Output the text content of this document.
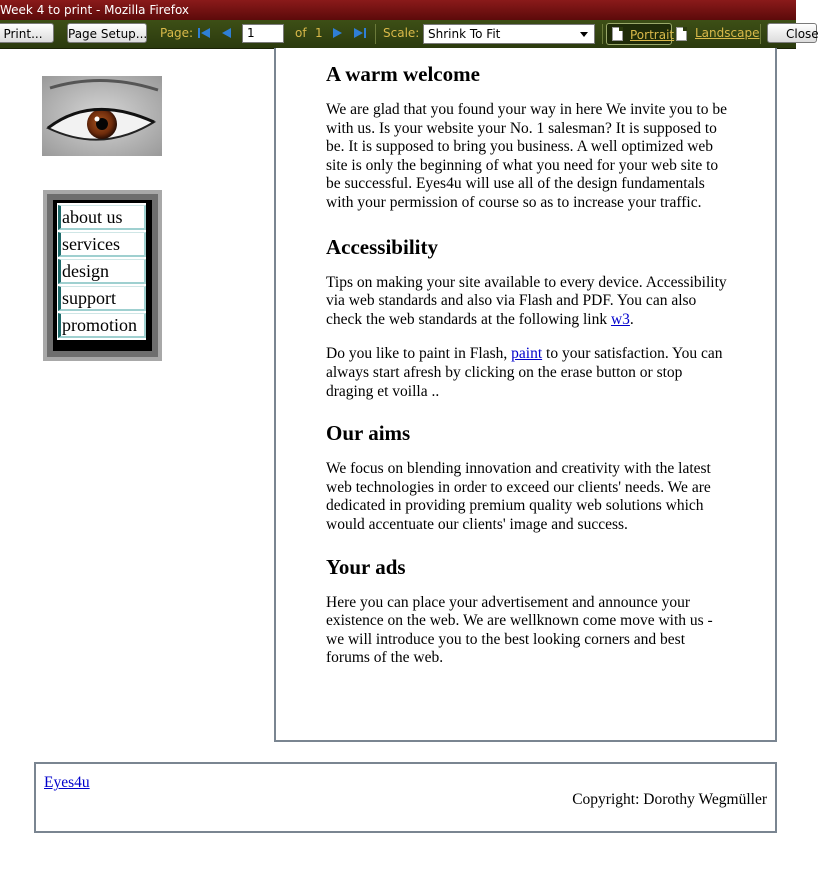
Week 4 to print - Mozilla Firefox
Print...	Page Setup... Page:	1	of 1	Scale: Shrink To Fit	Portrait Landscape	Close
about us
services
design
support
promotion
A warm welcome

We are glad that you found your way in here We invite you to be with us. Is your website your No. 1 salesman? It is supposed to be. It is supposed to bring you business. A well optimized web site is only the beginning of what you need for your web site to be successful. Eyes4u will use all of the design fundamentals with your permission of course so as to increase your traffic.

Accessibility

Tips on making your site available to every device. Accessibility via web standards and also via Flash and PDF. You can also check the web standards at the following link w3.

Do you like to paint in Flash, paint to your satisfaction. You can always start afresh by clicking on the erase button or stop draging et voilla ..

Our aims

We focus on blending innovation and creativity with the latest web technologies in order to exceed our clients' needs. We are dedicated in providing premium quality web solutions which would accentuate our clients' image and success.

Your ads

Here you can place your advertisement and announce your existence on the web. We are wellknown come move with us - we will introduce you to the best looking corners and best forums of the web.

Eyes4u
Copyright: Dorothy Wegmüller
